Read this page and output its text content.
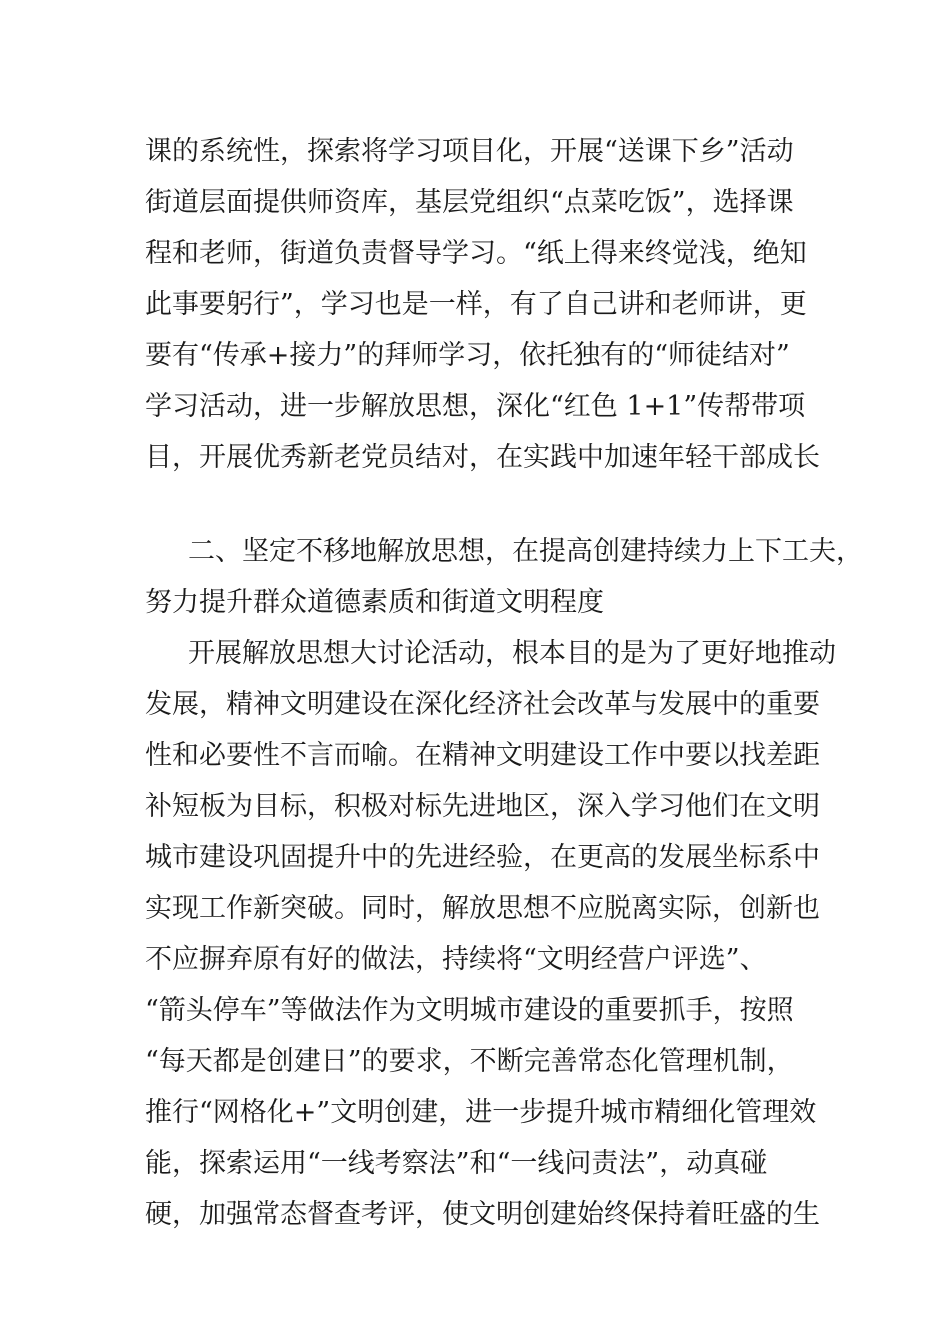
课的系统性，探索将学习项目化，开展“送课下乡”活动
街道层面提供师资库，基层党组织“点菜吃饭”，选择课
程和老师，街道负责督导学习。“纸上得来终觉浅，绝知
此事要躬行”，学习也是一样，有了自己讲和老师讲，更
要有“传承+接力”的拜师学习，依托独有的“师徒结对”
学习活动，进一步解放思想，深化“红色 1+1”传帮带项
目，开展优秀新老党员结对，在实践中加速年轻干部成长
二、坚定不移地解放思想，在提高创建持续力上下工夫，
努力提升群众道德素质和街道文明程度
开展解放思想大讨论活动，根本目的是为了更好地推动
发展，精神文明建设在深化经济社会改革与发展中的重要
性和必要性不言而喻。在精神文明建设工作中要以找差距
补短板为目标，积极对标先进地区，深入学习他们在文明
城市建设巩固提升中的先进经验，在更高的发展坐标系中
实现工作新突破。同时，解放思想不应脱离实际，创新也
不应摒弃原有好的做法，持续将“文明经营户评选”、
“箭头停车”等做法作为文明城市建设的重要抓手，按照
“每天都是创建日”的要求，不断完善常态化管理机制，
推行“网格化+”文明创建，进一步提升城市精细化管理效
能，探索运用“一线考察法”和“一线问责法”，动真碰
硬，加强常态督查考评，使文明创建始终保持着旺盛的生
